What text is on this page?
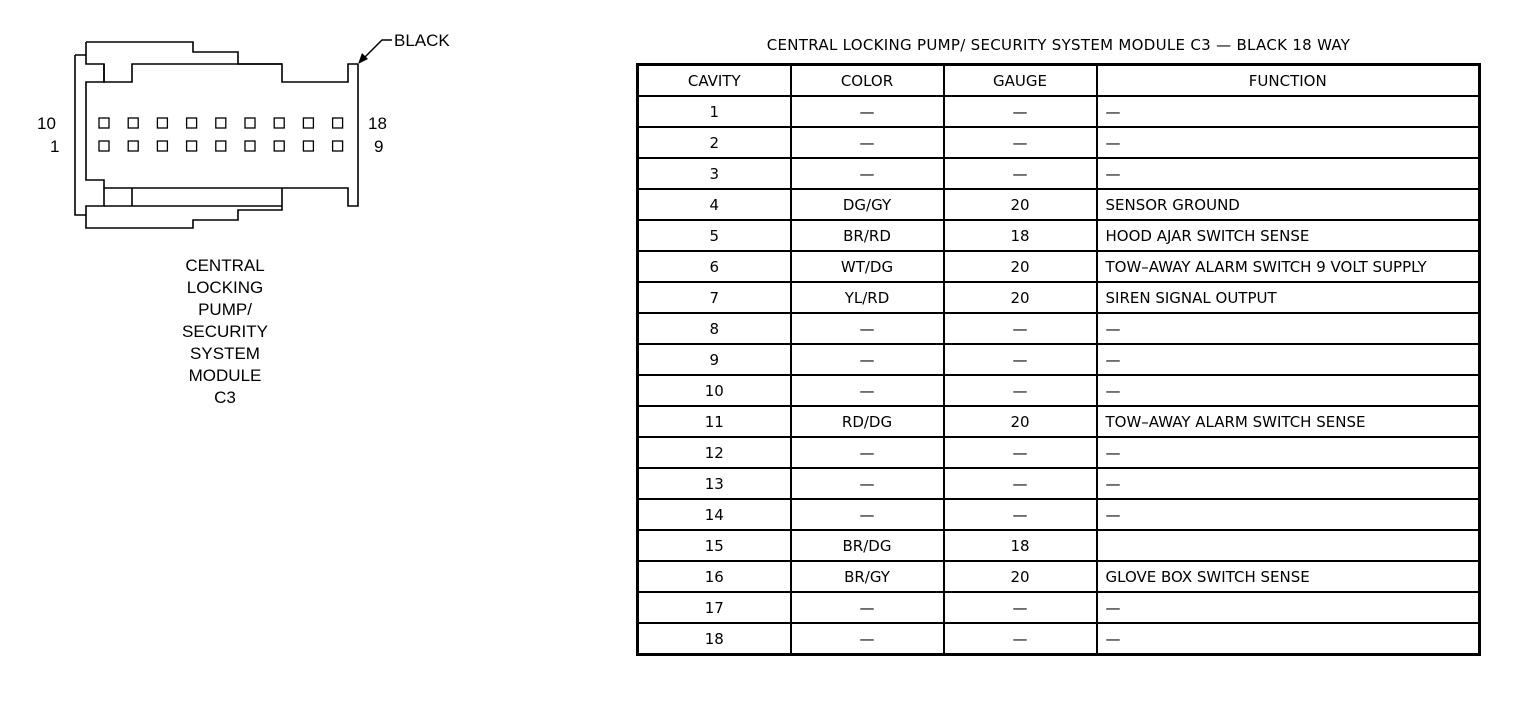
BLACK
10
1
18
9
CENTRAL
LOCKING
PUMP/
SECURITY
SYSTEM
MODULE
C3
CENTRAL LOCKING PUMP/ SECURITY SYSTEM MODULE C3 — BLACK 18 WAY
CAVITY	COLOR	GAUGE	FUNCTION
1	—	—	—
2	—	—	—
3	—	—	—
4	DG/GY	20	SENSOR GROUND
5	BR/RD	18	HOOD AJAR SWITCH SENSE
6	WT/DG	20	TOW–AWAY ALARM SWITCH 9 VOLT SUPPLY
7	YL/RD	20	SIREN SIGNAL OUTPUT
8	—	—	—
9	—	—	—
10	—	—	—
11	RD/DG	20	TOW–AWAY ALARM SWITCH SENSE
12	—	—	—
13	—	—	—
14	—	—	—
15	BR/DG	18	
16	BR/GY	20	GLOVE BOX SWITCH SENSE
17	—	—	—
18	—	—	—
